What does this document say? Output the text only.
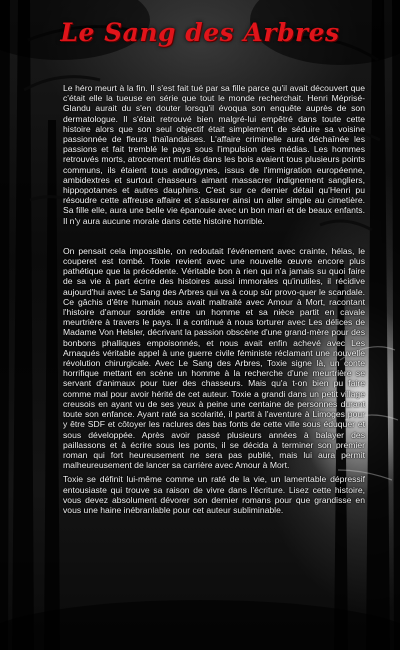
Le Sang des Arbres

Le héro meurt à la fin. Il s'est fait tué par sa fille parce qu'il avait découvert que c'était elle la tueuse en série que tout le monde recherchait. Henri Méprisé-Glandu aurait du s'en douter lorsqu'il évoqua son enquête auprès de son dermatologue. Il s'était retrouvé bien malgré-lui empêtré dans toute cette histoire alors que son seul objectif était simplement de séduire sa voisine passionnée de fleurs thaïlandaises. L'affaire criminelle aura déchaînée les passions et fait tremblé le pays sous l'impulsion des médias. Les hommes retrouvés morts, atrocement mutilés dans les bois avaient tous plusieurs points communs, ils étaient tous androgynes, issus de l'immigration européenne, ambidextres et surtout chasseurs aimant massacrer indignement sangliers, hippopotames et autres dauphins. C'est sur ce dernier détail qu'Henri pu résoudre cette affreuse affaire et s'assurer ainsi un aller simple au cimetière. Sa fille elle, aura une belle vie épanouie avec un bon mari et de beaux enfants. Il n'y aura aucune morale dans cette histoire horrible.

On pensait cela impossible, on redoutait l'événement avec crainte, hélas, le couperet est tombé. Toxie revient avec une nouvelle œuvre encore plus pathétique que la précédente. Véritable bon à rien qui n'a jamais su quoi faire de sa vie à part écrire des histoires aussi immorales qu'inutiles, il récidive aujourd'hui avec Le Sang des Arbres qui va à coup sûr provo-quer le scandale. Ce gâchis d'être humain nous avait maltraité avec Amour à Mort, racontant l'histoire d'amour sordide entre un homme et sa nièce partit en cavale meurtrière à travers le pays. Il a continué à nous torturer avec Les délices de Madame Von Helsler, décrivant la passion obscène d'une grand-mère pour des bonbons phalliques empoisonnés, et nous avait enfin achevé avec Les Arnaqués véritable appel à une guerre civile féministe réclamant une nouvelle révolution chirurgicale. Avec Le Sang des Arbres, Toxie signe là, un conte horrifique mettant en scène un homme à la recherche d'une meurtrière se servant d'animaux pour tuer des chasseurs. Mais qu'a t-on bien pu faire comme mal pour avoir hérité de cet auteur. Toxie a grandi dans un petit village creusois en ayant vu de ses yeux à peine une centaine de personnes durant toute son enfance. Ayant raté sa scolarité, il partit à l'aventure à Limoges pour y être SDF et côtoyer les raclures des bas fonts de cette ville sous éduquer et sous développée. Après avoir passé plusieurs années à balayer des paillassons et à écrire sous les ponts, il se décida à terminer son premier roman qui fort heureusement ne sera pas publié, mais lui aura permit malheureusement de lancer sa carrière avec Amour à Mort.

Toxie se définit lui-même comme un raté de la vie, un lamentable dépressif entousiaste qui trouve sa raison de vivre dans l'écriture. Lisez cette histoire, vous devez absolument dévorer son dernier romans pour que grandisse en vous une haine inébranlable pour cet auteur subliminable.
